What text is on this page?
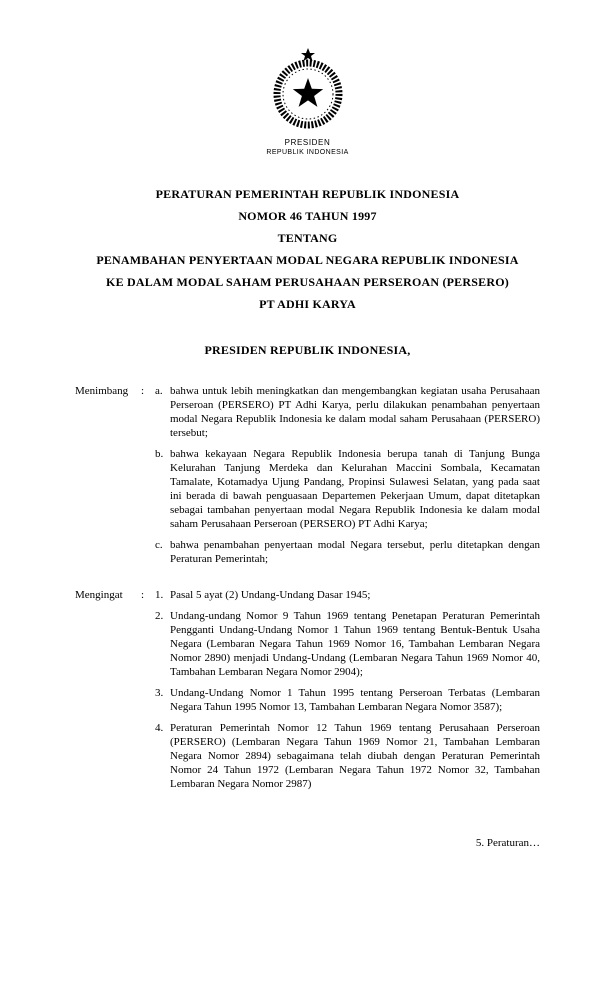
PRESIDEN
REPUBLIK INDONESIA
PERATURAN PEMERINTAH REPUBLIK INDONESIA
NOMOR 46 TAHUN 1997
TENTANG
PENAMBAHAN PENYERTAAN MODAL NEGARA REPUBLIK INDONESIA
KE DALAM MODAL SAHAM PERUSAHAAN PERSEROAN (PERSERO)
PT ADHI KARYA
PRESIDEN REPUBLIK INDONESIA,
Menimbang	: a. bahwa untuk lebih meningkatkan dan mengembangkan kegiatan usaha Perusahaan Perseroan (PERSERO) PT Adhi Karya, perlu dilakukan penambahan penyertaan modal Negara Republik Indonesia ke dalam modal saham Perusahaan (PERSERO) tersebut;
b. bahwa kekayaan Negara Republik Indonesia berupa tanah di Tanjung Bunga Kelurahan Tanjung Merdeka dan Kelurahan Maccini Sombala, Kecamatan Tamalate, Kotamadya Ujung Pandang, Propinsi Sulawesi Selatan, yang pada saat ini berada di bawah penguasaan Departemen Pekerjaan Umum, dapat ditetapkan sebagai tambahan penyertaan modal Negara Republik Indonesia ke dalam modal saham Perusahaan Perseroan (PERSERO) PT Adhi Karya;
c. bahwa penambahan penyertaan modal Negara tersebut, perlu ditetapkan dengan Peraturan Pemerintah;
Mengingat	: 1. Pasal 5 ayat (2) Undang-Undang Dasar 1945;
2. Undang-undang Nomor 9 Tahun 1969 tentang Penetapan Peraturan Pemerintah Pengganti Undang-Undang Nomor 1 Tahun 1969 tentang Bentuk-Bentuk Usaha Negara (Lembaran Negara Tahun 1969 Nomor 16, Tambahan Lembaran Negara Nomor 2890) menjadi Undang-Undang (Lembaran Negara Tahun 1969 Nomor 40, Tambahan Lembaran Negara Nomor 2904);
3. Undang-Undang Nomor 1 Tahun 1995 tentang Perseroan Terbatas (Lembaran Negara Tahun 1995 Nomor 13, Tambahan Lembaran Negara Nomor 3587);
4. Peraturan Pemerintah Nomor 12 Tahun 1969 tentang Perusahaan Perseroan (PERSERO) (Lembaran Negara Tahun 1969 Nomor 21, Tambahan Lembaran Negara Nomor 2894) sebagaimana telah diubah dengan Peraturan Pemerintah Nomor 24 Tahun 1972 (Lembaran Negara Tahun 1972 Nomor 32, Tambahan Lembaran Negara Nomor 2987)
5. Peraturan…
